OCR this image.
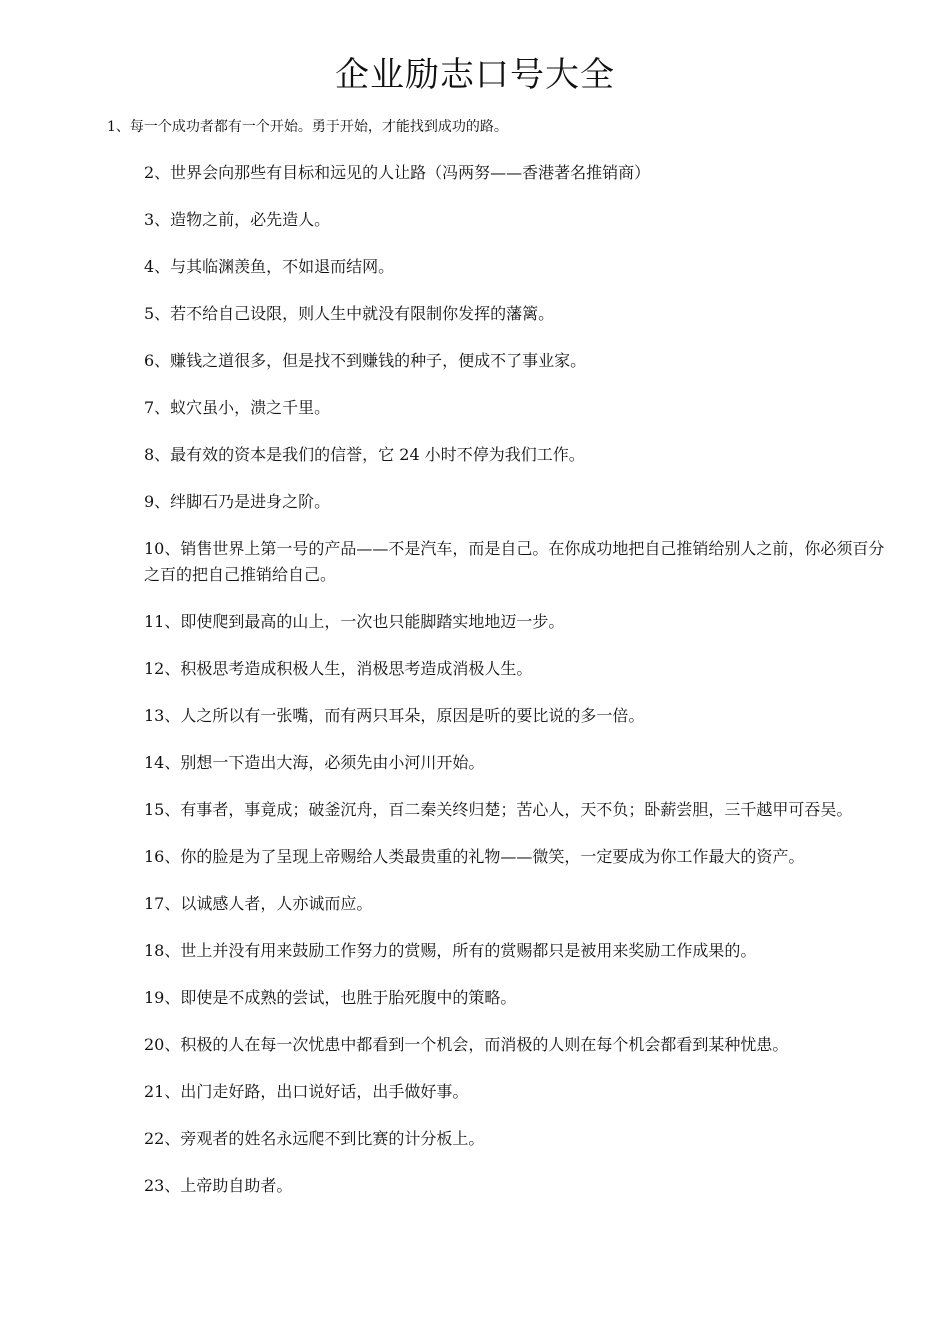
企业励志口号大全
1、每一个成功者都有一个开始。勇于开始，才能找到成功的路。
2、世界会向那些有目标和远见的人让路（冯两努——香港著名推销商）
3、造物之前，必先造人。
4、与其临渊羡鱼，不如退而结网。
5、若不给自己设限，则人生中就没有限制你发挥的藩篱。
6、赚钱之道很多，但是找不到赚钱的种子，便成不了事业家。
7、蚁穴虽小，溃之千里。
8、最有效的资本是我们的信誉，它 24 小时不停为我们工作。
9、绊脚石乃是进身之阶。
10、销售世界上第一号的产品——不是汽车，而是自己。在你成功地把自己推销给别人之前，你必须百分之百的把自己推销给自己。
11、即使爬到最高的山上，一次也只能脚踏实地地迈一步。
12、积极思考造成积极人生，消极思考造成消极人生。
13、人之所以有一张嘴，而有两只耳朵，原因是听的要比说的多一倍。
14、别想一下造出大海，必须先由小河川开始。
15、有事者，事竟成；破釜沉舟，百二秦关终归楚；苦心人，天不负；卧薪尝胆，三千越甲可吞吴。
16、你的脸是为了呈现上帝赐给人类最贵重的礼物——微笑，一定要成为你工作最大的资产。
17、以诚感人者，人亦诚而应。
18、世上并没有用来鼓励工作努力的赏赐，所有的赏赐都只是被用来奖励工作成果的。
19、即使是不成熟的尝试，也胜于胎死腹中的策略。
20、积极的人在每一次忧患中都看到一个机会，而消极的人则在每个机会都看到某种忧患。
21、出门走好路，出口说好话，出手做好事。
22、旁观者的姓名永远爬不到比赛的计分板上。
23、上帝助自助者。
